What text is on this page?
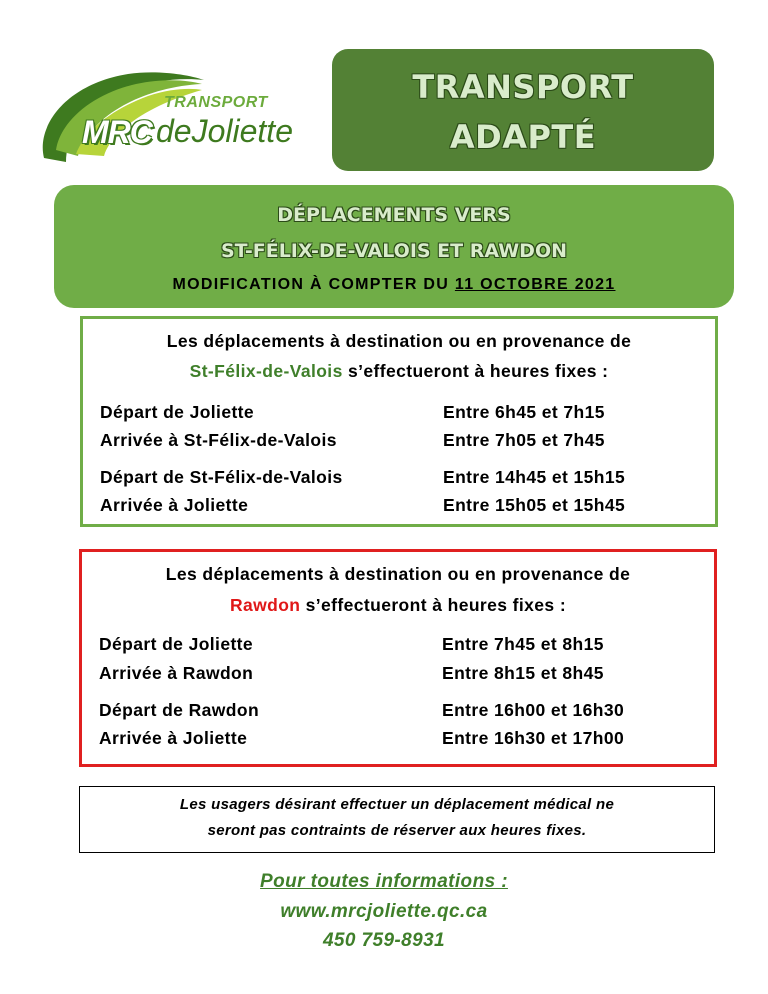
TRANSPORT
MRC deJoliette
TRANSPORT
ADAPTÉ
DÉPLACEMENTS VERS
ST-FÉLIX-DE-VALOIS ET RAWDON
MODIFICATION À COMPTER DU 11 OCTOBRE 2021
Les déplacements à destination ou en provenance de
St-Félix-de-Valois s’effectueront à heures fixes :
Départ de Joliette	Entre 6h45 et 7h15
Arrivée à St-Félix-de-Valois	Entre 7h05 et 7h45
Départ de St-Félix-de-Valois	Entre 14h45 et 15h15
Arrivée à Joliette	Entre 15h05 et 15h45
Les déplacements à destination ou en provenance de
Rawdon s’effectueront à heures fixes :
Départ de Joliette	Entre 7h45 et 8h15
Arrivée à Rawdon	Entre 8h15 et 8h45
Départ de Rawdon	Entre 16h00 et 16h30
Arrivée à Joliette	Entre 16h30 et 17h00
Les usagers désirant effectuer un déplacement médical ne
seront pas contraints de réserver aux heures fixes.
Pour toutes informations :
www.mrcjoliette.qc.ca
450 759-8931
